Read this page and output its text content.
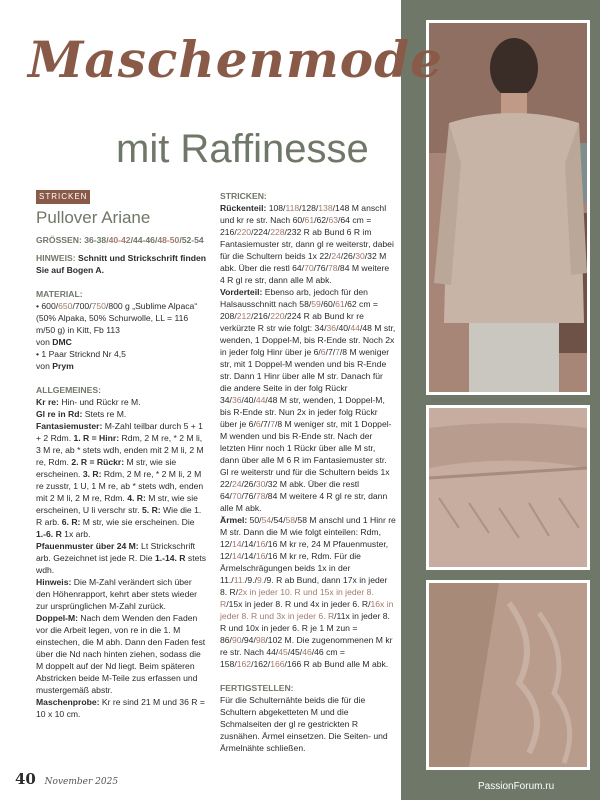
Maschenmode
mit Raffinesse
STRICKEN
Pullover Ariane

GRÖSSEN: 36-38/40-42/44-46/48-50/52-54

HINWEIS: Schnitt und Strickschrift finden Sie auf Bogen A.

MATERIAL:

• 600/650/700/750/800 g „Sublime Alpaca“ (50% Alpaka, 50% Schurwolle, LL = 116 m/50 g) in Kitt, Fb 113

von DMC

• 1 Paar Stricknd Nr 4,5

von Prym

ALLGEMEINES:

Kr re: Hin- und Rückr re M.

Gl re in Rd: Stets re M.

Fantasiemuster: M-Zahl teilbar durch 5 + 1 + 2 Rdm. 1. R = Hinr: Rdm, 2 M re, * 2 M li, 3 M re, ab * stets wdh, enden mit 2 M li, 2 M re, Rdm. 2. R = Rückr: M str, wie sie erscheinen. 3. R: Rdm, 2 M re, * 2 M li, 2 M re zusstr, 1 U, 1 M re, ab * stets wdh, enden mit 2 M li, 2 M re, Rdm. 4. R: M str, wie sie erscheinen, U li verschr str. 5. R: Wie die 1. R arb. 6. R: M str, wie sie erscheinen. Die 1.-6. R 1x arb.

Pfauenmuster über 24 M: Lt Strickschrift arb. Gezeichnet ist jede R. Die 1.-14. R stets wdh.

Hinweis: Die M-Zahl verändert sich über den Höhenrapport, kehrt aber stets wieder zur ursprünglichen M-Zahl zurück.

Doppel-M: Nach dem Wenden den Faden vor die Arbeit legen, von re in die 1. M einstechen, die M abh. Dann den Faden fest über die Nd nach hinten ziehen, sodass die M doppelt auf der Nd liegt. Beim späteren Abstricken beide M-Teile zus erfassen und mustergemäß abstr.

Maschenprobe: Kr re sind 21 M und 36 R = 10 x 10 cm.

STRICKEN:

Rückenteil: 108/118/128/138/148 M anschl und kr re str. Nach 60/61/62/63/64 cm = 216/220/224/228/232 R ab Bund 6 R im Fantasiemuster str, dann gl re weiterstr, dabei für die Schultern beids 1x 22/24/26/30/32 M abk. Über die restl 64/70/76/78/84 M weitere 4 R gl re str, dann alle M abk.

Vorderteil: Ebenso arb, jedoch für den Halsausschnitt nach 58/59/60/61/62 cm = 208/212/216/220/224 R ab Bund kr re verkürzte R str wie folgt: 34/36/40/44/48 M str, wenden, 1 Doppel-M, bis R-Ende str. Noch 2x in jeder folg Hinr über je 6/6/7/7/8 M weniger str, mit 1 Doppel-M wenden und bis R-Ende str. Dann 1 Hinr über alle M str. Danach für die andere Seite in der folg Rückr 34/36/40/44/48 M str, wenden, 1 Doppel-M, bis R-Ende str. Nun 2x in jeder folg Rückr über je 6/6/7/7/8 M weniger str, mit 1 Doppel-M wenden und bis R-Ende str. Nach der letzten Hinr noch 1 Rückr über alle M str, dann über alle M 6 R im Fantasiemuster str. Gl re weiterstr und für die Schultern beids 1x 22/24/26/30/32 M abk. Über die restl 64/70/76/78/84 M weitere 4 R gl re str, dann alle M abk.

Ärmel: 50/54/54/58/58 M anschl und 1 Hinr re M str. Dann die M wie folgt einteilen: Rdm, 12/14/14/16/16 M kr re, 24 M Pfauenmuster, 12/14/14/16/16 M kr re, Rdm. Für die Ärmelschrägungen beids 1x in der 11./11./9./9./9. R ab Bund, dann 17x in jeder 8. R/2x in jeder 10. R und 15x in jeder 8. R/15x in jeder 8. R und 4x in jeder 6. R/16x in jeder 8. R und 3x in jeder 6. R/11x in jeder 8. R und 10x in jeder 6. R je 1 M zun = 86/90/94/98/102 M. Die zugenommenen M kr re str. Nach 44/45/45/46/46 cm = 158/162/162/166/166 R ab Bund alle M abk.

FERTIGSTELLEN:

Für die Schulternähte beids die für die Schultern abgeketteten M und die Schmalseiten der gl re gestrickten R zusnähen. Ärmel einsetzen. Die Seiten- und Ärmelnähte schließen.

40 November 2025	PassionForum.ru
